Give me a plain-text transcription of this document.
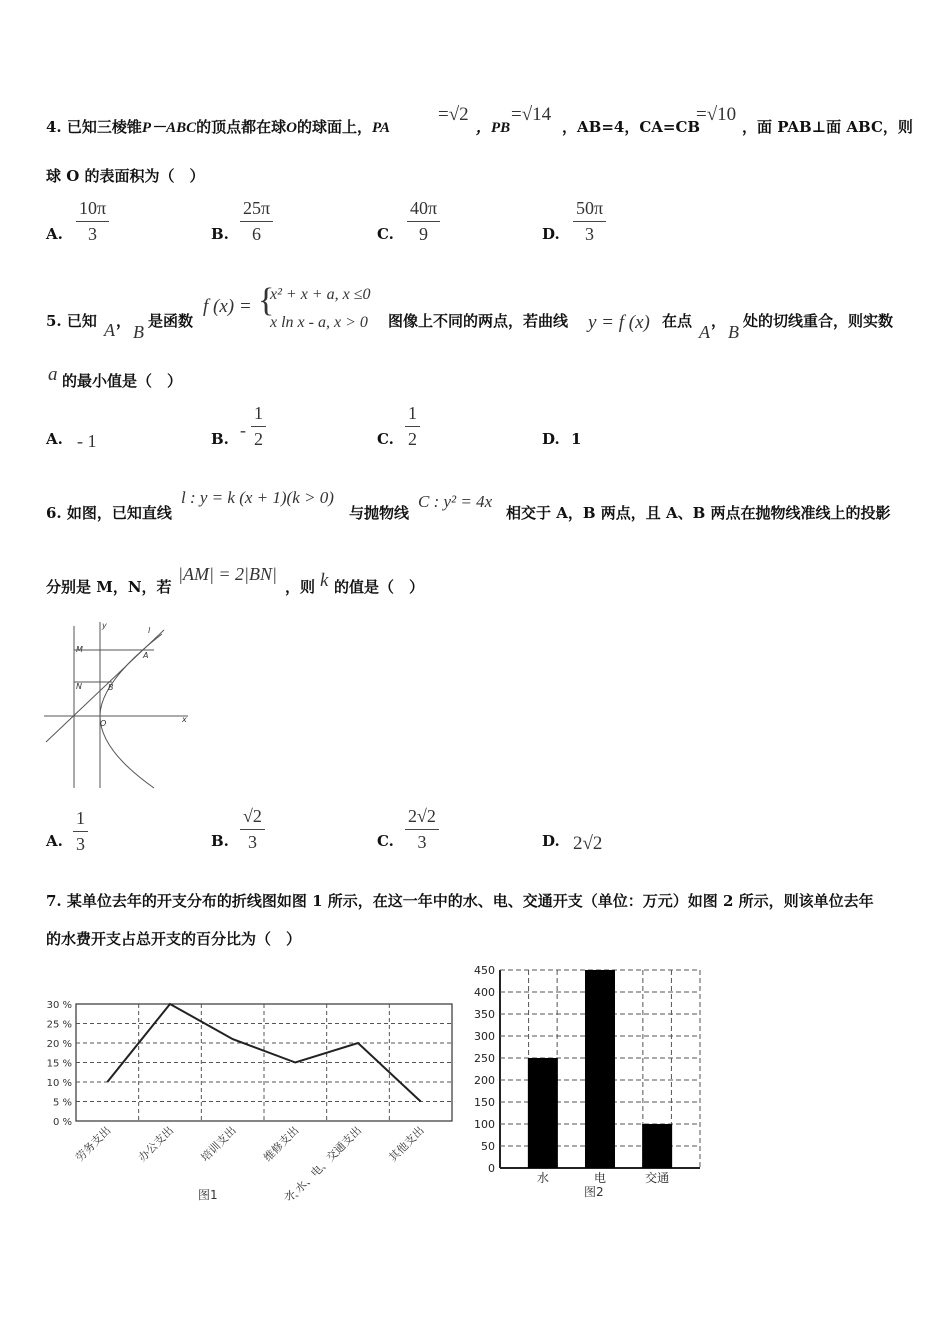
4. 已知三棱锥P－ABC的顶点都在球O的球面上，PA
=√2
，PB
=√14
，AB=4，CA=CB
=√10
，面 PAB⊥面 ABC，则
球 O 的表面积为（　）
A. $\frac{10\pi}{3}$	B. $\frac{25\pi}{6}$	C. $\frac{40\pi}{9}$	D. $\frac{50\pi}{3}$
5. 已知 A ，
B
是函数
f (x) = {
x² + x + a, x ≤0
x ln x - a, x > 0 图像上不同的两点，若曲线 y = f (x) 在点
A
，
B
处的切线重合，则实数
a 的最小值是（　）
A. - 1	B. - $\frac{1}{2}$	C. $\frac{1}{2}$	D. 1
6. 如图，已知直线
l : y = k (x + 1)(k > 0)
与抛物线
C : y² = 4x
相交于 A，B 两点，且 A、B 两点在抛物线准线上的投影
分别是 M，N，若
|AM| = 2|BN|
，则 k 的值是（　）
y
l
M
A
N	B
O	x
A. $\frac{1}{3}$	B. $\frac{√2}{3}$	C. $\frac{2√2}{3}$	D. 2√2
7. 某单位去年的开支分布的折线图如图 1 所示，在这一年中的水、电、交通开支（单位：万元）如图 2 所示，则该单位去年
的水费开支占总开支的百分比为（　）
0 %
5 %
10 %
15 %
20 %
25 %
30 %
劳务支出 办公支出 培训支出 维修支出
水、电、交通支出 其他支出
图1	水-
0
50
100
150
200
250
300
350
400
450
水	电	交通
图2
